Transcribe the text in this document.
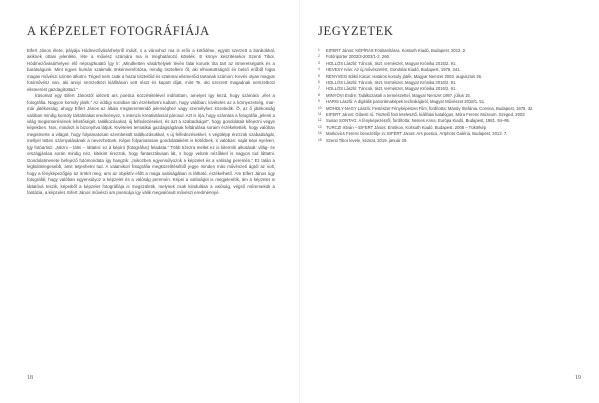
A KÉPZELET FOTOGRÁFIÁJA

Eifert János élete, pályája Hódmezővásárhelyről indult, s a városhoz ma is erős a kötődése, együtt szerzett a barátokkal, akiknek ottani jelenléte, léte a művész számára ma is meghatározó kötelék. E könyv készítésekor Szenti Tibor, Hódmezővásárhelyen élő néprajzkutató így ír: „Mindketten vásárhelyiek lévén falai korunk óta tart az ismeretségünk és a barátságunk. Mint egyes humán szakmák önkénnemfotósa, mindig tiszteltem őt, aki elhivatottságról és belső erőből fogta magas művészi szintre alkotni. Téged nem csak a hazai tisztelőid és szakmai elismerőid tartanak számon. Kevés olyan magyar fotóművész van, aki annyi nemzetközi kiállításon vett részt és kapott díjat, mint Te, aki szerzett magadnak nemzetközi elismerést gazdagítottad.”

Írásomat egy Eifert Jánostól idézett ars poetica közzétételével indítottam, amelyet így kezd, hogy számára „élet a fotográfia. Nagyon komoly játék.” Az eddigi soraiban tán érzékeltetni tudtam, hogy valóban: kivételes az a környezetség, mar-már játékosság, ahogy Eifert János az általa megteremtendő jelenséghez vagy személyhez közeledik. Ő, az ő játékosság valóban mindig komoly tartalmakat eredményez, s intenzív kreativitással párosul. Azt is írja, hogy számára a fotográfia „jelenti a világ megismerésének lehetőségét, találkozásokat, új felfedezéseket, és azt a szabadságot”, hogy gondolatait kifejezni vegye képekben. Nos, mindezt is bizonyítva látjuk. Kivételes tematikai gazdagságának feltárulása soraim érzékeltették, hogy valóban megismerte a világot, hogy folyamatosan szembesült találkozásokkal, s új felfedezésekkel, s végülépp érezzük szabadságát, mellyel tetten szárnyalásának a nevezhetünk. Képei folyamatosan gondolataiként is kötődnek, s valóban: saját képi nyelven. Így fotóartisz: „Nézni – látni – láttatni: ez a képíró (fotográfus) feladata.” Több tízezra mellet ez is kitermíti alkotását: világ- és országjárása során mindig néz, kitekint érezzük, hogy fantasztikusan lát, s hogy velünk nézőkkel is nagyon tud láttatni. Gondolatmenete befejező fotómondata így hangzik: „mikozben egyensúlyozok a képzelet és a valóság peremén.” Ez talán a legkülönlegesebb, amit tetjeshetni tud. A valamikori fotográfia megközelítéséből jegye minden más művészeti ágtól az volt, hogy a fényképezőgép az örökít meg, ami az objektív előtt a maga valóságában is látható, érzékelhető. Am Eifert János úgy fotografál, hogy valóban egyensúlyoz a képzelet és a valóság peremén. Képei a valóságot is megjelenítik, ám a képzelet is láttatóvá teszik, képeiből a képzelet fotográfiája is megszületik, melynek csak kiindulása a valóság, végső műremekük a fantázia, a képzelet. Eifert János művészi ars poeticája így válik megvalósult művészi eredménnyé.

18
JEGYZETEK
1 EIFERT János: KÉPÍRÁS Fotótanításra, Kossuth Kiadó, Budapest, 2012. 2.
2 Fotóriporter 2003/3-2003/1-2. 266.
3 HOLLÓS László: Táncok, tiszt, természet, Magyar Krónika 2016/2. 91.
4 HEVESY Iván: Az új művészetért, Gondolat Kiadó, Budapest, 1979. 341.
5 RENYVESI Ildikó Katus: Határos komoly játék, Magyar Nemzet 2003. augusztus 26.
6 HOLLÓS László: Táncok, tiszt, természet, Magyar Krónika 2016/2. 91.
7 HOLLÓS László: Táncok, tiszt, természet, Magyar Krónika 2016/2. 91.
8 MINYÓVI Endre: Találkozások a természettel, Magyar Nemzet 1997. július 15.
9 HARIS László: A digitális panorámaképek technikájáról, Magyar Művészet 2018/1. 51.
10 MOHOLY-NAGY László: Festészet Fényképészet Film, fordította: Mándy Stefánia, Corvina, Budapest, 1978. 32.
11 EIFERT János: Gibesti rú. Tisztelő fotó letelesztő, kiállítási katalógus, Móra Ferenc Múzeum, Szeged, 2003
12 Susan SONTAG: A fényképezésről, fordította: Nemes Anna, Európa Kiadó, Budapest, 1981. 94–95.
13 TURCZI István – EIFERT János: Erotikon, Kossuth Kiadó, Budapest, 2008 – Tükörkép
14 Markovics Ferenc bevezetője in: EIFERT János: Ars poetica, Artphoto Galéria, Budapest, 2013. 7.
15 Szenti Tibor levele, kézirat, 2019. január 29.
19
